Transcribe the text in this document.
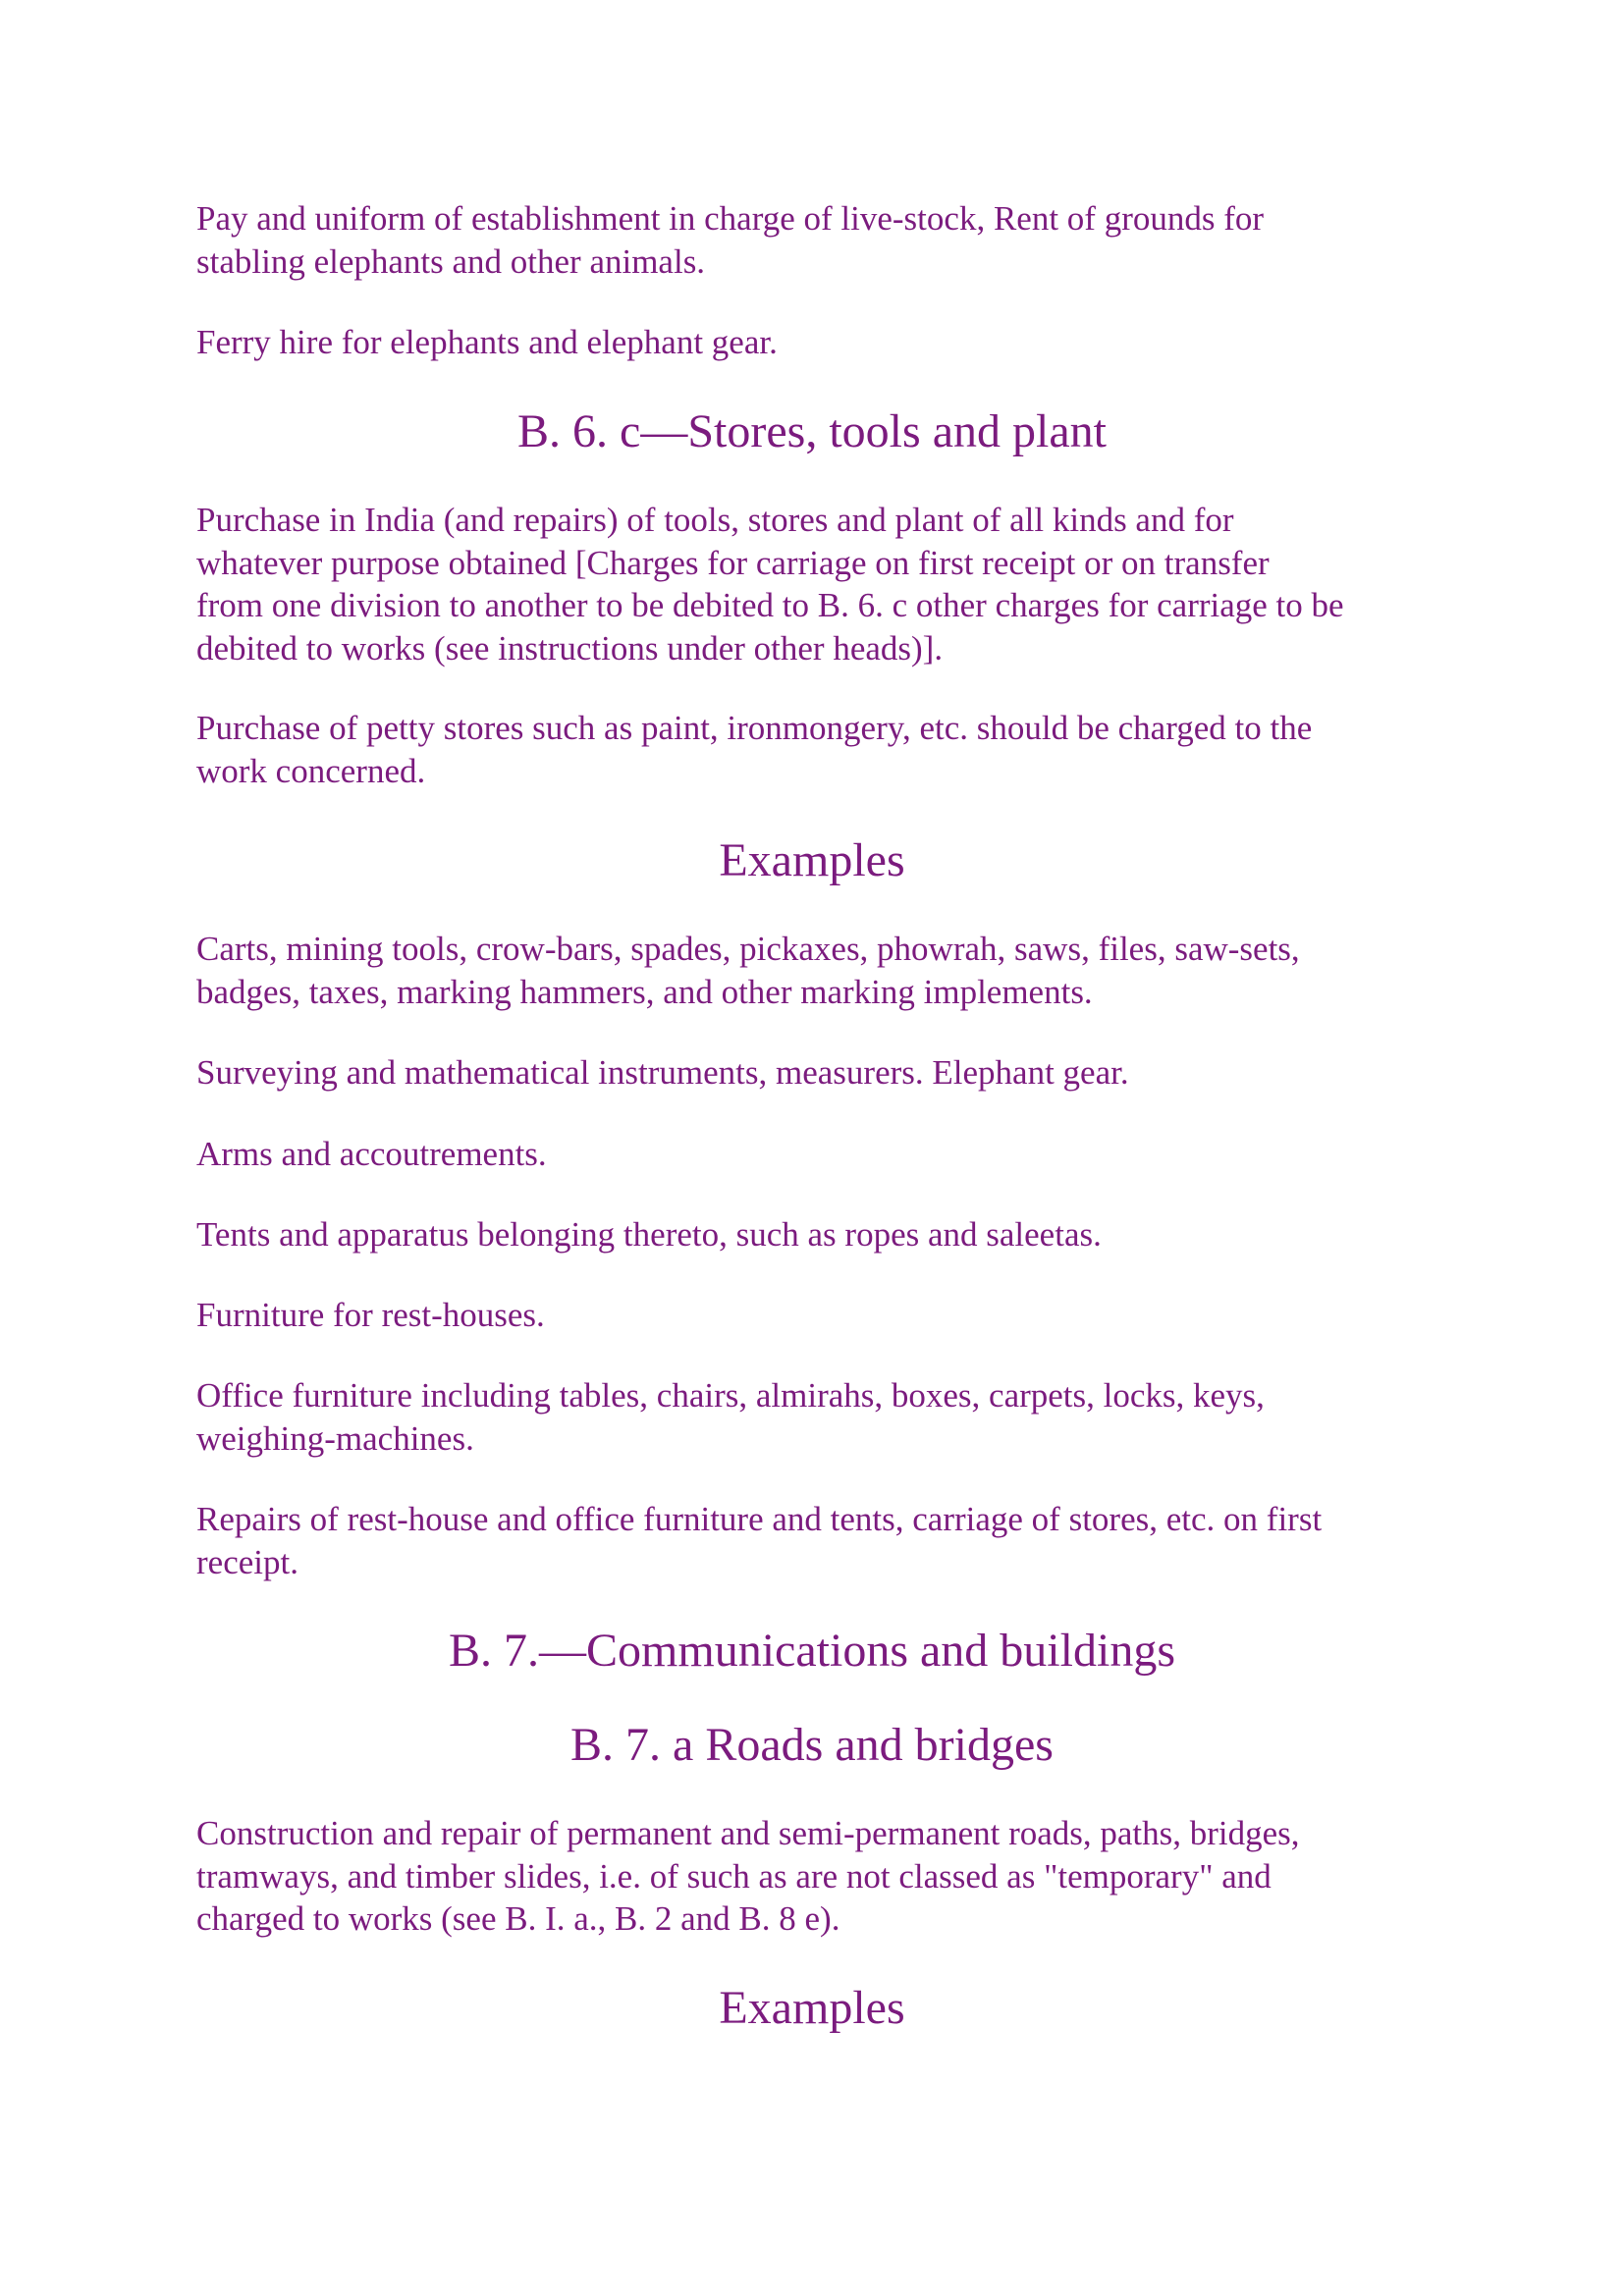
Pay and uniform of establishment in charge of live-stock, Rent of grounds for
stabling elephants and other animals.
Ferry hire for elephants and elephant gear.
B. 6. c—Stores, tools and plant
Purchase in India (and repairs) of tools, stores and plant of all kinds and for
whatever purpose obtained [Charges for carriage on first receipt or on transfer
from one division to another to be debited to B. 6. c other charges for carriage to be
debited to works (see instructions under other heads)].
Purchase of petty stores such as paint, ironmongery, etc. should be charged to the
work concerned.
Examples
Carts, mining tools, crow-bars, spades, pickaxes, phowrah, saws, files, saw-sets,
badges, taxes, marking hammers, and other marking implements.
Surveying and mathematical instruments, measurers. Elephant gear.
Arms and accoutrements.
Tents and apparatus belonging thereto, such as ropes and saleetas.
Furniture for rest-houses.
Office furniture including tables, chairs, almirahs, boxes, carpets, locks, keys,
weighing-machines.
Repairs of rest-house and office furniture and tents, carriage of stores, etc. on first
receipt.
B. 7.—Communications and buildings
B. 7. a Roads and bridges
Construction and repair of permanent and semi-permanent roads, paths, bridges,
tramways, and timber slides, i.e. of such as are not classed as "temporary" and
charged to works (see B. I. a., B. 2 and B. 8 e).
Examples
